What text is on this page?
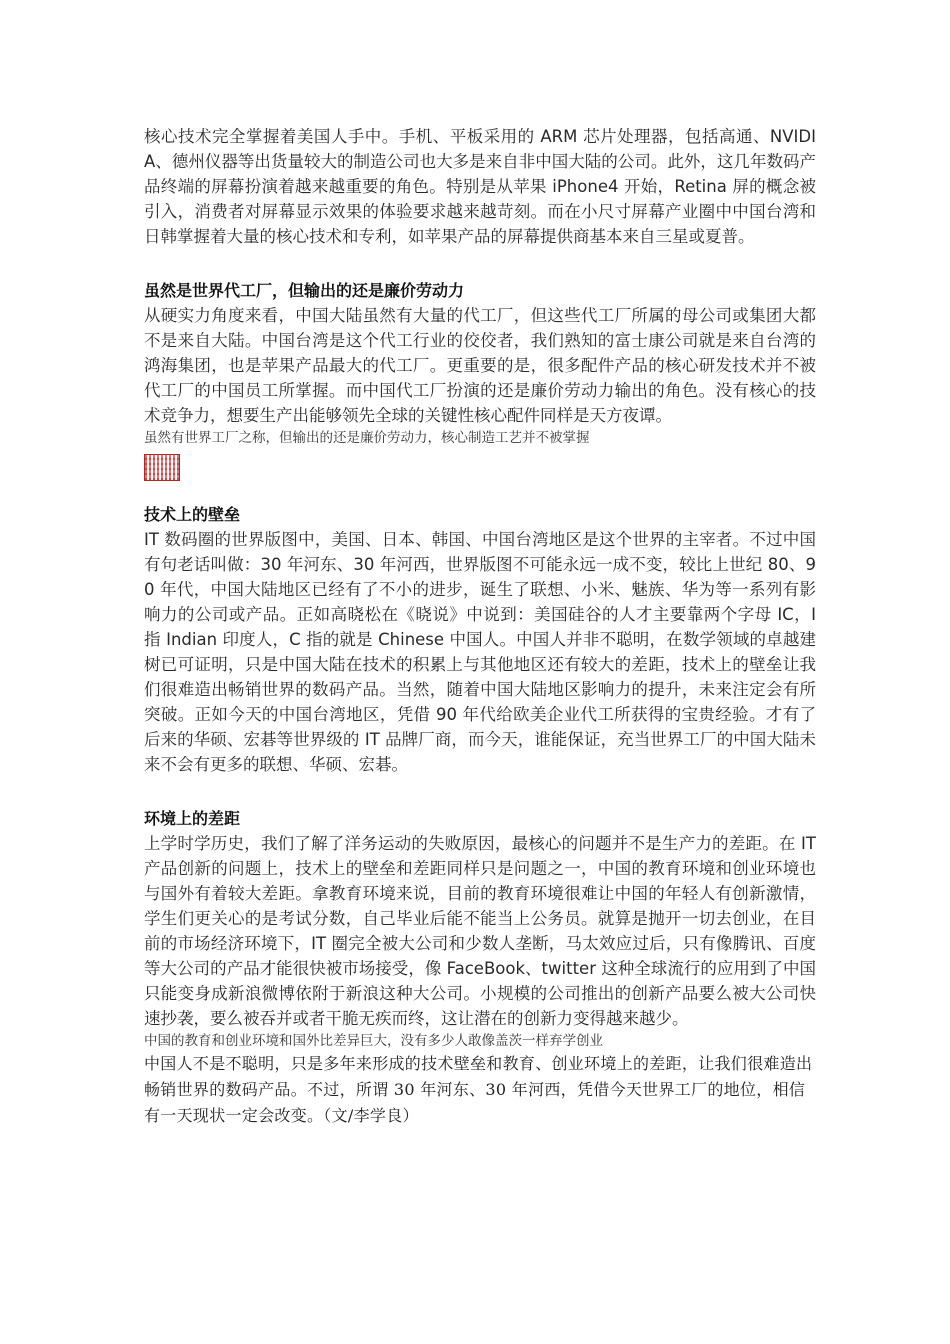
核心技术完全掌握着美国人手中。手机、平板采用的 ARM 芯片处理器，包括高通、NVIDIA、德州仪器等出货量较大的制造公司也大多是来自非中国大陆的公司。此外，这几年数码产品终端的屏幕扮演着越来越重要的角色。特别是从苹果 iPhone4 开始，Retina 屏的概念被引入，消费者对屏幕显示效果的体验要求越来越苛刻。而在小尺寸屏幕产业圈中中国台湾和日韩掌握着大量的核心技术和专利，如苹果产品的屏幕提供商基本来自三星或夏普。

虽然是世界代工厂，但输出的还是廉价劳动力

从硬实力角度来看，中国大陆虽然有大量的代工厂，但这些代工厂所属的母公司或集团大都不是来自大陆。中国台湾是这个代工行业的佼佼者，我们熟知的富士康公司就是来自台湾的鸿海集团，也是苹果产品最大的代工厂。更重要的是，很多配件产品的核心研发技术并不被代工厂的中国员工所掌握。而中国代工厂扮演的还是廉价劳动力输出的角色。没有核心的技术竞争力，想要生产出能够领先全球的关键性核心配件同样是天方夜谭。

虽然有世界工厂之称，但输出的还是廉价劳动力，核心制造工艺并不被掌握

技术上的壁垒

IT 数码圈的世界版图中，美国、日本、韩国、中国台湾地区是这个世界的主宰者。不过中国有句老话叫做：30 年河东、30 年河西，世界版图不可能永远一成不变，较比上世纪 80、90 年代，中国大陆地区已经有了不小的进步，诞生了联想、小米、魅族、华为等一系列有影响力的公司或产品。正如高晓松在《晓说》中说到：美国硅谷的人才主要靠两个字母 IC，I 指 Indian 印度人，C 指的就是 Chinese 中国人。中国人并非不聪明，在数学领域的卓越建树已可证明，只是中国大陆在技术的积累上与其他地区还有较大的差距，技术上的壁垒让我们很难造出畅销世界的数码产品。当然，随着中国大陆地区影响力的提升，未来注定会有所突破。正如今天的中国台湾地区，凭借 90 年代给欧美企业代工所获得的宝贵经验。才有了后来的华硕、宏碁等世界级的 IT 品牌厂商，而今天，谁能保证，充当世界工厂的中国大陆未来不会有更多的联想、华硕、宏碁。

环境上的差距

上学时学历史，我们了解了洋务运动的失败原因，最核心的问题并不是生产力的差距。在 IT 产品创新的问题上，技术上的壁垒和差距同样只是问题之一，中国的教育环境和创业环境也与国外有着较大差距。拿教育环境来说，目前的教育环境很难让中国的年轻人有创新激情，学生们更关心的是考试分数，自己毕业后能不能当上公务员。就算是抛开一切去创业，在目前的市场经济环境下，IT 圈完全被大公司和少数人垄断，马太效应过后，只有像腾讯、百度等大公司的产品才能很快被市场接受，像 FaceBook、twitter 这种全球流行的应用到了中国只能变身成新浪微博依附于新浪这种大公司。小规模的公司推出的创新产品要么被大公司快速抄袭，要么被吞并或者干脆无疾而终，这让潜在的创新力变得越来越少。

中国的教育和创业环境和国外比差异巨大，没有多少人敢像盖茨一样弃学创业

中国人不是不聪明，只是多年来形成的技术壁垒和教育、创业环境上的差距，让我们很难造出畅销世界的数码产品。不过，所谓 30 年河东、30 年河西，凭借今天世界工厂的地位，相信有一天现状一定会改变。（文/李学良）
